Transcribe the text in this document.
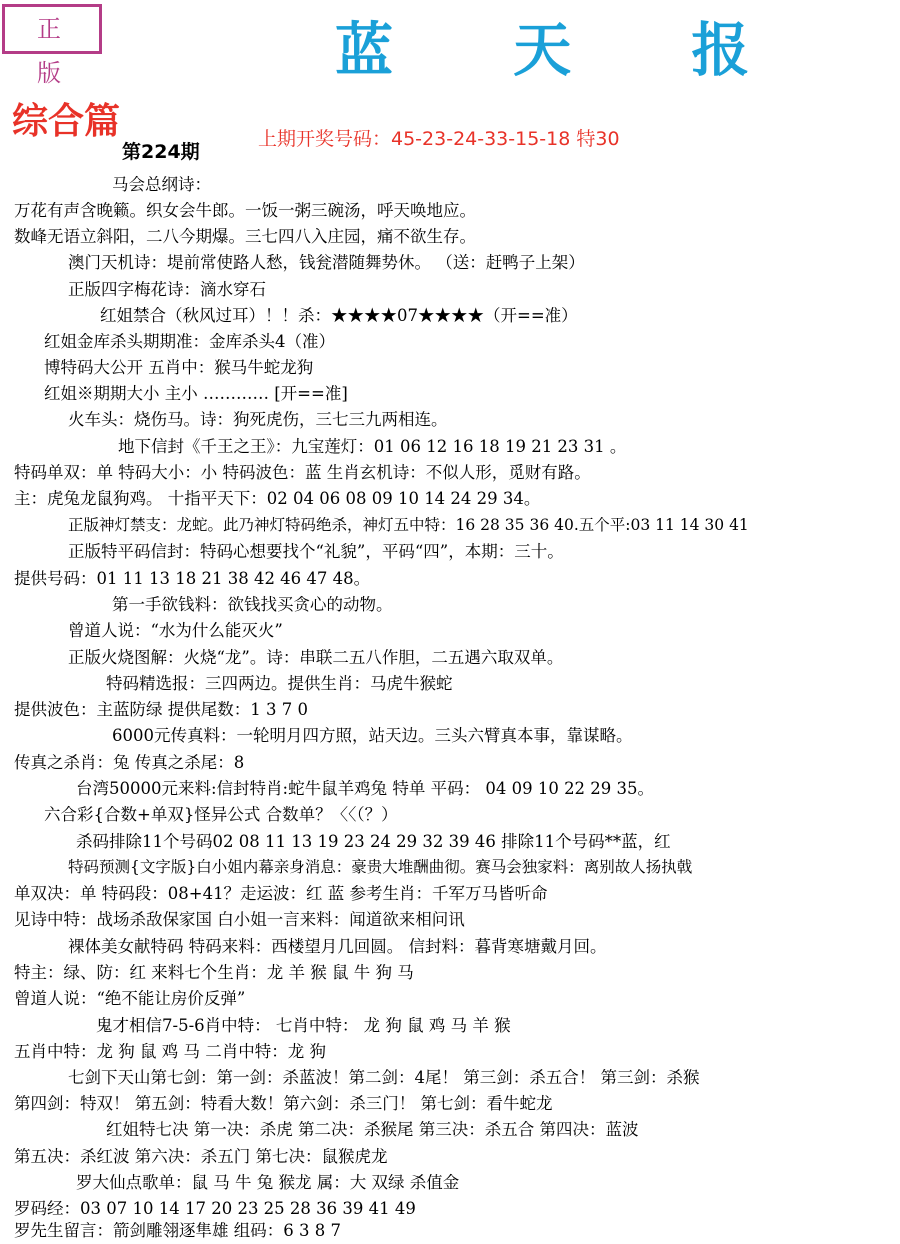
正 版	蓝 天 报
综合篇	上期开奖号码：45-23-24-33-15-18 特30
第224期
马会总纲诗：
万花有声含晚籁。织女会牛郎。一饭一粥三碗汤，呼天唤地应。
数峰无语立斜阳，二八今期爆。三七四八入庄园，痛不欲生存。
澳门天机诗：堤前常使路人愁，钱瓮潜随舞势休。 （送：赶鸭子上架）
正版四字梅花诗：滴水穿石
红姐禁合（秋风过耳）！！杀：★★★★07★★★★（开==准）
红姐金库杀头期期准：金库杀头4（准）
博特码大公开 五肖中：猴马牛蛇龙狗
红姐※期期大小 主小 ………… [开==准]
火车头：烧伤马。诗：狗死虎伤，三七三九两相连。
地下信封《千王之王》：九宝莲灯：01 06 12 16 18 19 21 23 31 。
特码单双：单 特码大小：小 特码波色：蓝 生肖玄机诗：不似人形，觅财有路。
主：虎兔龙鼠狗鸡。 十指平天下：02 04 06 08 09 10 14 24 29 34。
正版神灯禁支：龙蛇。此乃神灯特码绝杀，神灯五中特：16 28 35 36 40.五个平:03 11 14 30 41
正版特平码信封：特码心想要找个“礼貌”，平码“四”，本期：三十。
提供号码：01 11 13 18 21 38 42 46 47 48。
第一手欲钱料：欲钱找买贪心的动物。
曾道人说：“水为什么能灭火”
正版火烧图解：火烧“龙”。诗：串联二五八作胆，二五遇六取双单。
特码精选报：三四两边。提供生肖：马虎牛猴蛇
提供波色：主蓝防绿 提供尾数：1 3 7 0
6000元传真料：一轮明月四方照，站天边。三头六臂真本事，靠谋略。
传真之杀肖：兔 传真之杀尾：8
台湾50000元来料:信封特肖:蛇牛鼠羊鸡兔 特单 平码： 04 09 10 22 29 35。
六合彩{合数+单双}怪异公式 合数单？〈〈（？）
杀码排除11个号码02 08 11 13 19 23 24 29 32 39 46 排除11个号码**蓝，红
特码预测{文字版}白小姐内幕亲身消息：豪贵大堆酬曲彻。赛马会独家料：离别故人扬执戟
单双决：单 特码段：08+41？走运波：红 蓝 参考生肖：千军万马皆听命
见诗中特：战场杀敌保家国 白小姐一言来料：闻道欲来相问讯
裸体美女献特码 特码来料：西楼望月几回圆。 信封料：暮背寒塘戴月回。
特主：绿、防：红 来料七个生肖：龙 羊 猴 鼠 牛 狗 马
曾道人说：“绝不能让房价反弹”
鬼才相信7-5-6肖中特： 七肖中特： 龙 狗 鼠 鸡 马 羊 猴
五肖中特：龙 狗 鼠 鸡 马 二肖中特：龙 狗
七剑下天山第七剑：第一剑：杀蓝波！第二剑：4尾！ 第三剑：杀五合！ 第三剑：杀猴
第四剑：特双！ 第五剑：特看大数！第六剑：杀三门！ 第七剑：看牛蛇龙
红姐特七决 第一决：杀虎 第二决：杀猴尾 第三决：杀五合 第四决：蓝波
第五决：杀红波 第六决：杀五门 第七决：鼠猴虎龙
罗大仙点歌单：鼠 马 牛 兔 猴龙 属：大 双绿 杀值金
罗码经：03 07 10 14 17 20 23 25 28 36 39 41 49
罗先生留言：箭剑雕翎逐隼雄 组码：6 3 8 7
